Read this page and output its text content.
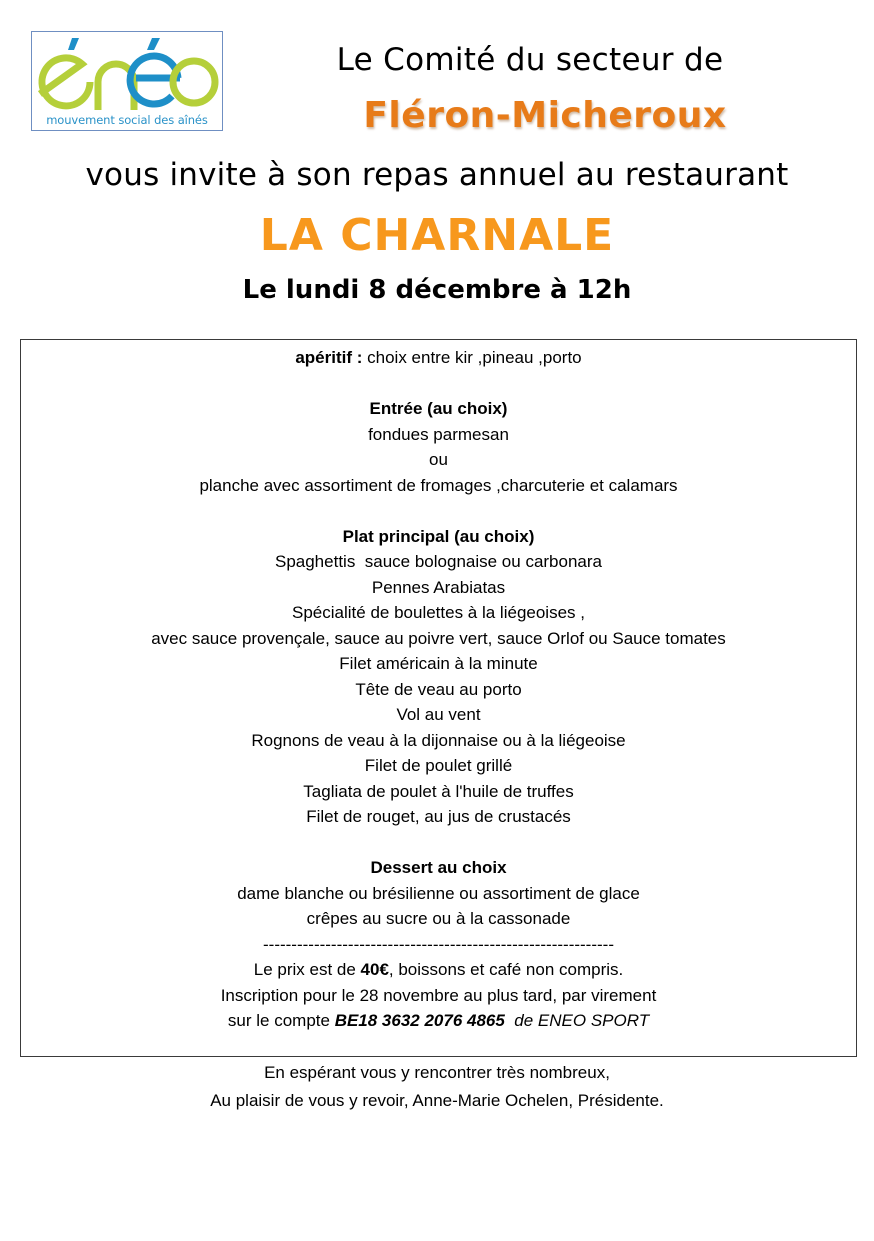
mouvement social des aînés
Le Comité du secteur de
Fléron-Micheroux
vous invite à son repas annuel au restaurant
LA CHARNALE
Le lundi 8 décembre à 12h
apéritif : choix entre kir ,pineau ,porto
Entrée (au choix)
fondues parmesan
ou
planche avec assortiment de fromages ,charcuterie et calamars
Plat principal (au choix)
Spaghettis  sauce bolognaise ou carbonara
Pennes Arabiatas
Spécialité de boulettes à la liégeoises ,
avec sauce provençale, sauce au poivre vert, sauce Orlof ou Sauce tomates
Filet américain à la minute
Tête de veau au porto
Vol au vent
Rognons de veau à la dijonnaise ou à la liégeoise
Filet de poulet grillé
Tagliata de poulet à l'huile de truffes
Filet de rouget, au jus de crustacés
Dessert au choix
dame blanche ou brésilienne ou assortiment de glace
crêpes au sucre ou à la cassonade
--------------------------------------------------------------
Le prix est de 40€, boissons et café non compris.
Inscription pour le 28 novembre au plus tard, par virement
sur le compte BE18 3632 2076 4865  de ENEO SPORT
En espérant vous y rencontrer très nombreux,
Au plaisir de vous y revoir, Anne-Marie Ochelen, Présidente.
